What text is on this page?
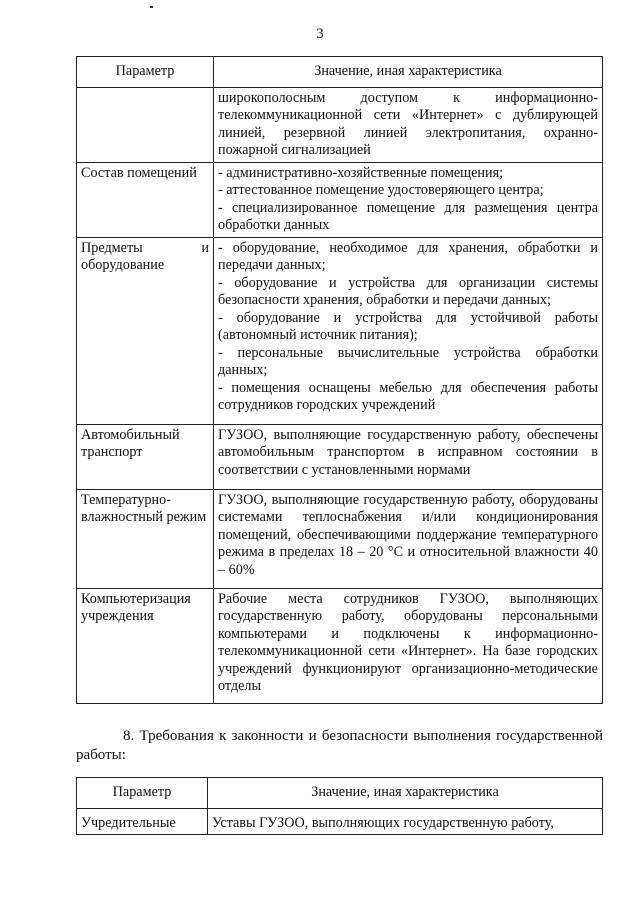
3
Параметр	Значение, иная характеристика
	широкополосным доступом к информационно-телекоммуникационной сети «Интернет» с дублирующей линией, резервной линией электропитания, охранно-пожарной сигнализацией
Состав помещений	- административно-хозяйственные помещения;
- аттестованное помещение удостоверяющего центра;
- специализированное помещение для размещения центра обработки данных

Предметы и оборудование	- оборудование, необходимое для хранения, обработки и передачи данных;
- оборудование и устройства для организации системы безопасности хранения, обработки и передачи данных;
- оборудование и устройства для устойчивой работы (автономный источник питания);
- персональные вычислительные устройства обработки данных;
- помещения оснащены мебелью для обеспечения работы сотрудников городских учреждений

Автомобильный транспорт	ГУЗОО, выполняющие государственную работу, обеспечены автомобильным транспортом в исправном состоянии в соответствии с установленными нормами
Температурно-влажностный режим	ГУЗОО, выполняющие государственную работу, оборудованы системами теплоснабжения и/или кондиционирования помещений, обеспечивающими поддержание температурного режима в пределах 18 – 20 °С и относительной влажности 40 – 60%
Компьютеризация учреждения	Рабочие места сотрудников ГУЗОО, выполняющих государственную работу, оборудованы персональными компьютерами и подключены к информационно-телекоммуникационной сети «Интернет». На базе городских учреждений функционируют организационно-методические отделы
8. Требования к законности и безопасности выполнения государственной работы:
Параметр	Значение, иная характеристика
Учредительные	Уставы ГУЗОО, выполняющих государственную работу,
